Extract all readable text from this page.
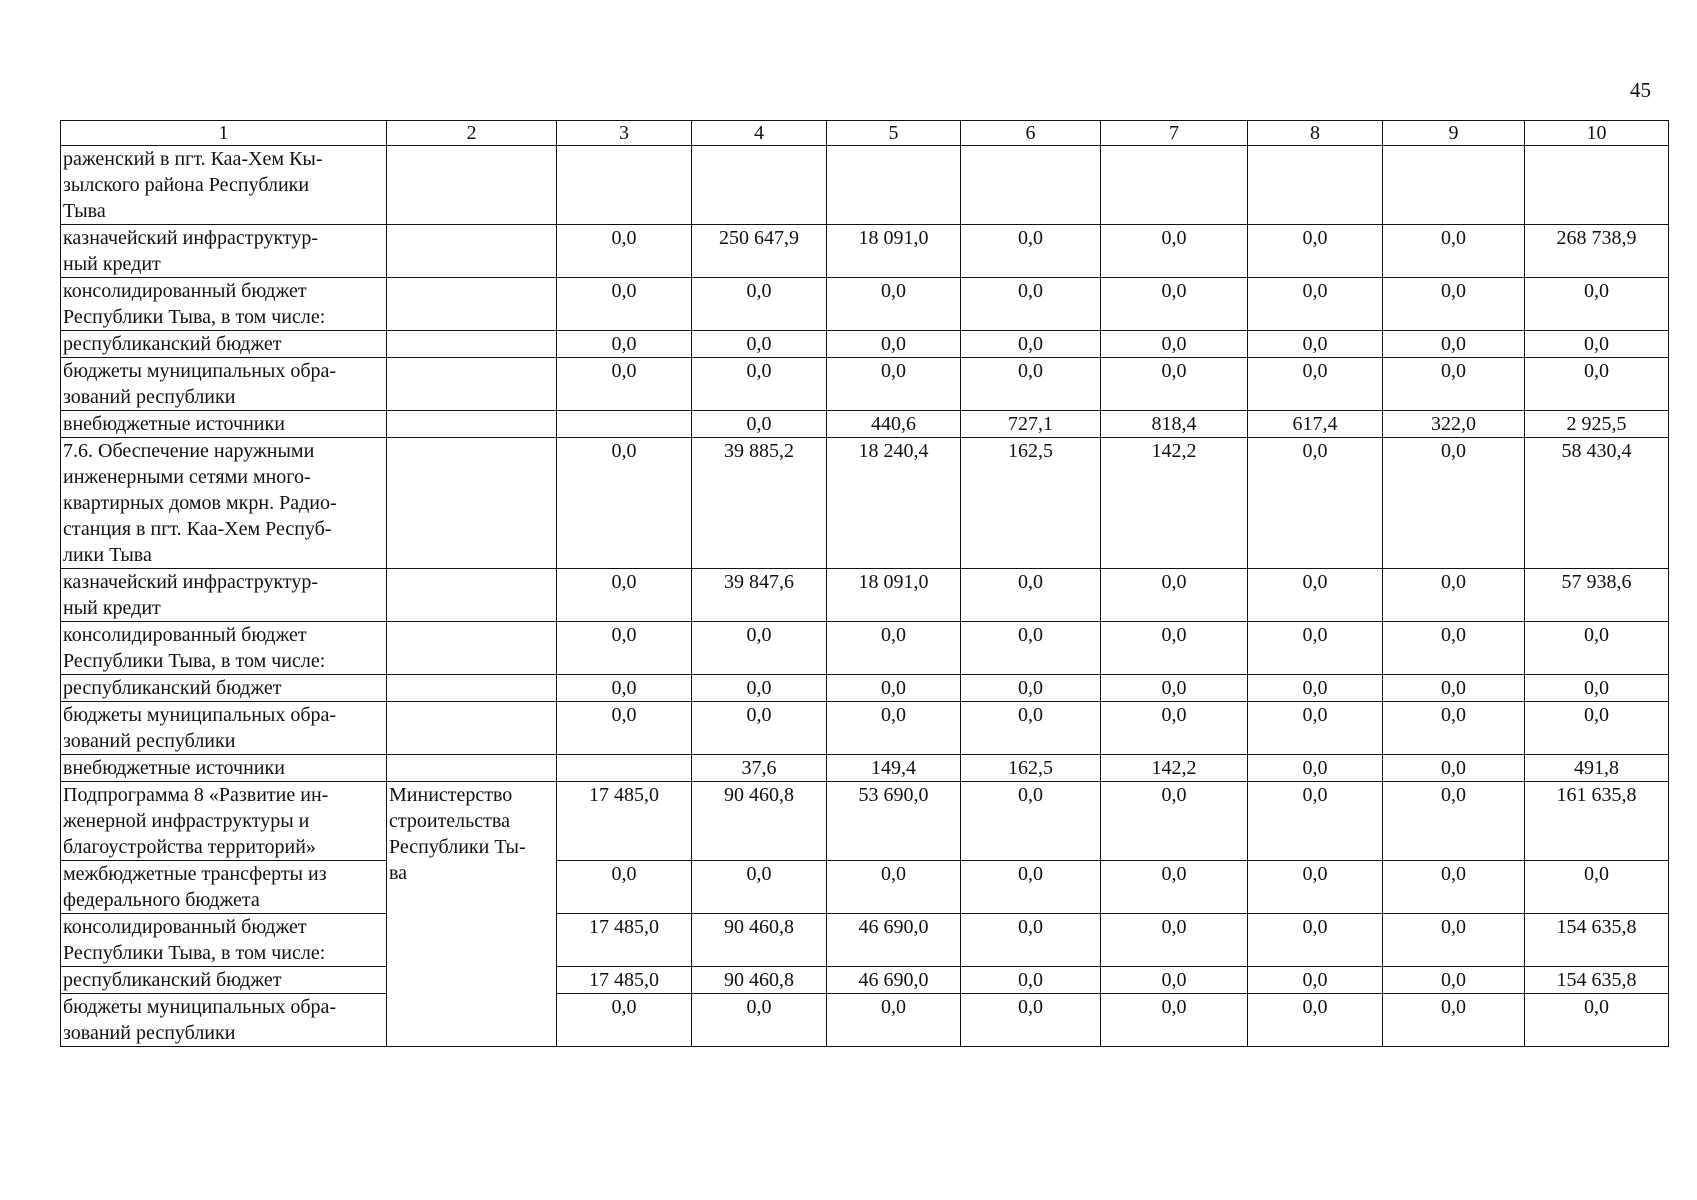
45
1	2	3	4	5	6	7	8	9	10
раженский в пгт. Каа-Хем Кы-
зылского района Республики
Тыва									
казначейский инфраструктур-
ный кредит		0,0	250 647,9	18 091,0	0,0	0,0	0,0	0,0	268 738,9
консолидированный бюджет
Республики Тыва, в том числе:		0,0	0,0	0,0	0,0	0,0	0,0	0,0	0,0
республиканский бюджет		0,0	0,0	0,0	0,0	0,0	0,0	0,0	0,0
бюджеты муниципальных обра-
зований республики		0,0	0,0	0,0	0,0	0,0	0,0	0,0	0,0
внебюджетные источники			0,0	440,6	727,1	818,4	617,4	322,0	2 925,5
7.6. Обеспечение наружными
инженерными сетями много-
квартирных домов мкрн. Радио-
станция в пгт. Каа-Хем Респуб-
лики Тыва		0,0	39 885,2	18 240,4	162,5	142,2	0,0	0,0	58 430,4
казначейский инфраструктур-
ный кредит		0,0	39 847,6	18 091,0	0,0	0,0	0,0	0,0	57 938,6
консолидированный бюджет
Республики Тыва, в том числе:		0,0	0,0	0,0	0,0	0,0	0,0	0,0	0,0
республиканский бюджет		0,0	0,0	0,0	0,0	0,0	0,0	0,0	0,0
бюджеты муниципальных обра-
зований республики		0,0	0,0	0,0	0,0	0,0	0,0	0,0	0,0
внебюджетные источники			37,6	149,4	162,5	142,2	0,0	0,0	491,8
Подпрограмма 8 «Развитие ин-
женерной инфраструктуры и
благоустройства территорий»	Министерство
строительства
Республики Ты-
ва	17 485,0	90 460,8	53 690,0	0,0	0,0	0,0	0,0	161 635,8
межбюджетные трансферты из
федерального бюджета		0,0	0,0	0,0	0,0	0,0	0,0	0,0	0,0
консолидированный бюджет
Республики Тыва, в том числе:		17 485,0	90 460,8	46 690,0	0,0	0,0	0,0	0,0	154 635,8
республиканский бюджет		17 485,0	90 460,8	46 690,0	0,0	0,0	0,0	0,0	154 635,8
бюджеты муниципальных обра-
зований республики		0,0	0,0	0,0	0,0	0,0	0,0	0,0	0,0
